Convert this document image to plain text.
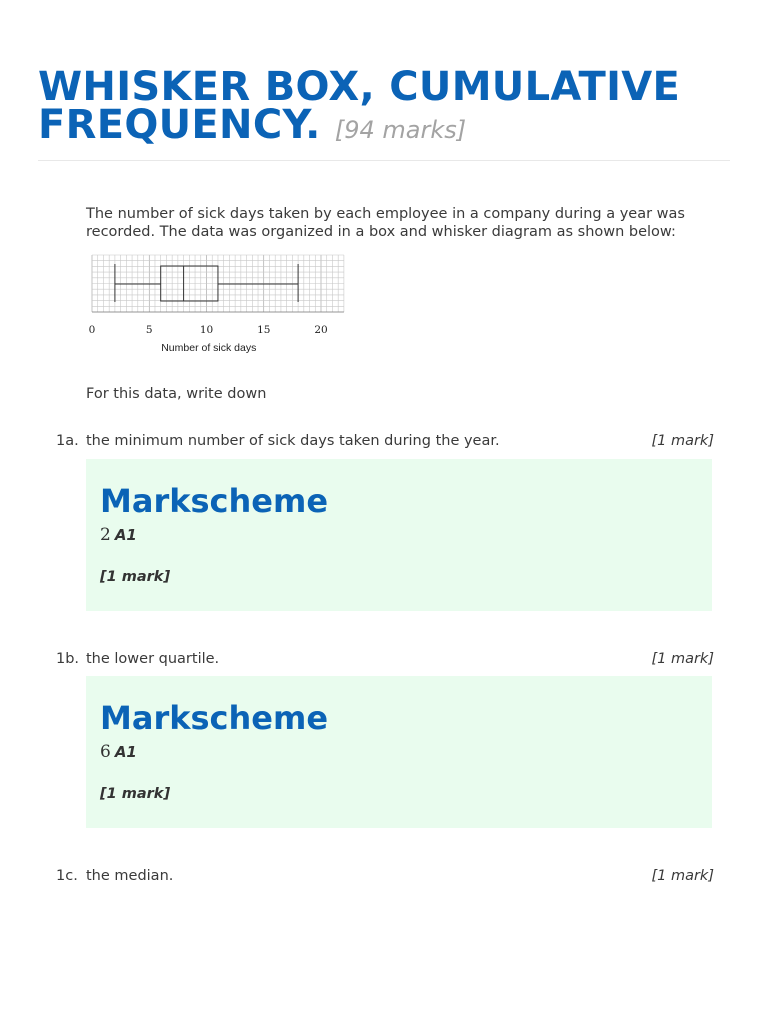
WHISKER BOX, CUMULATIVE FREQUENCY. [94 marks]
The number of sick days taken by each employee in a company during a year was recorded. The data was organized in a box and whisker diagram as shown below:
0	5	10	15	20
Number of sick days
For this data, write down
1a. the minimum number of sick days taken during the year.	[1 mark]
Markscheme
2 A1
[1 mark]
1b. the lower quartile.	[1 mark]
Markscheme
6 A1
[1 mark]
1c. the median.	[1 mark]
